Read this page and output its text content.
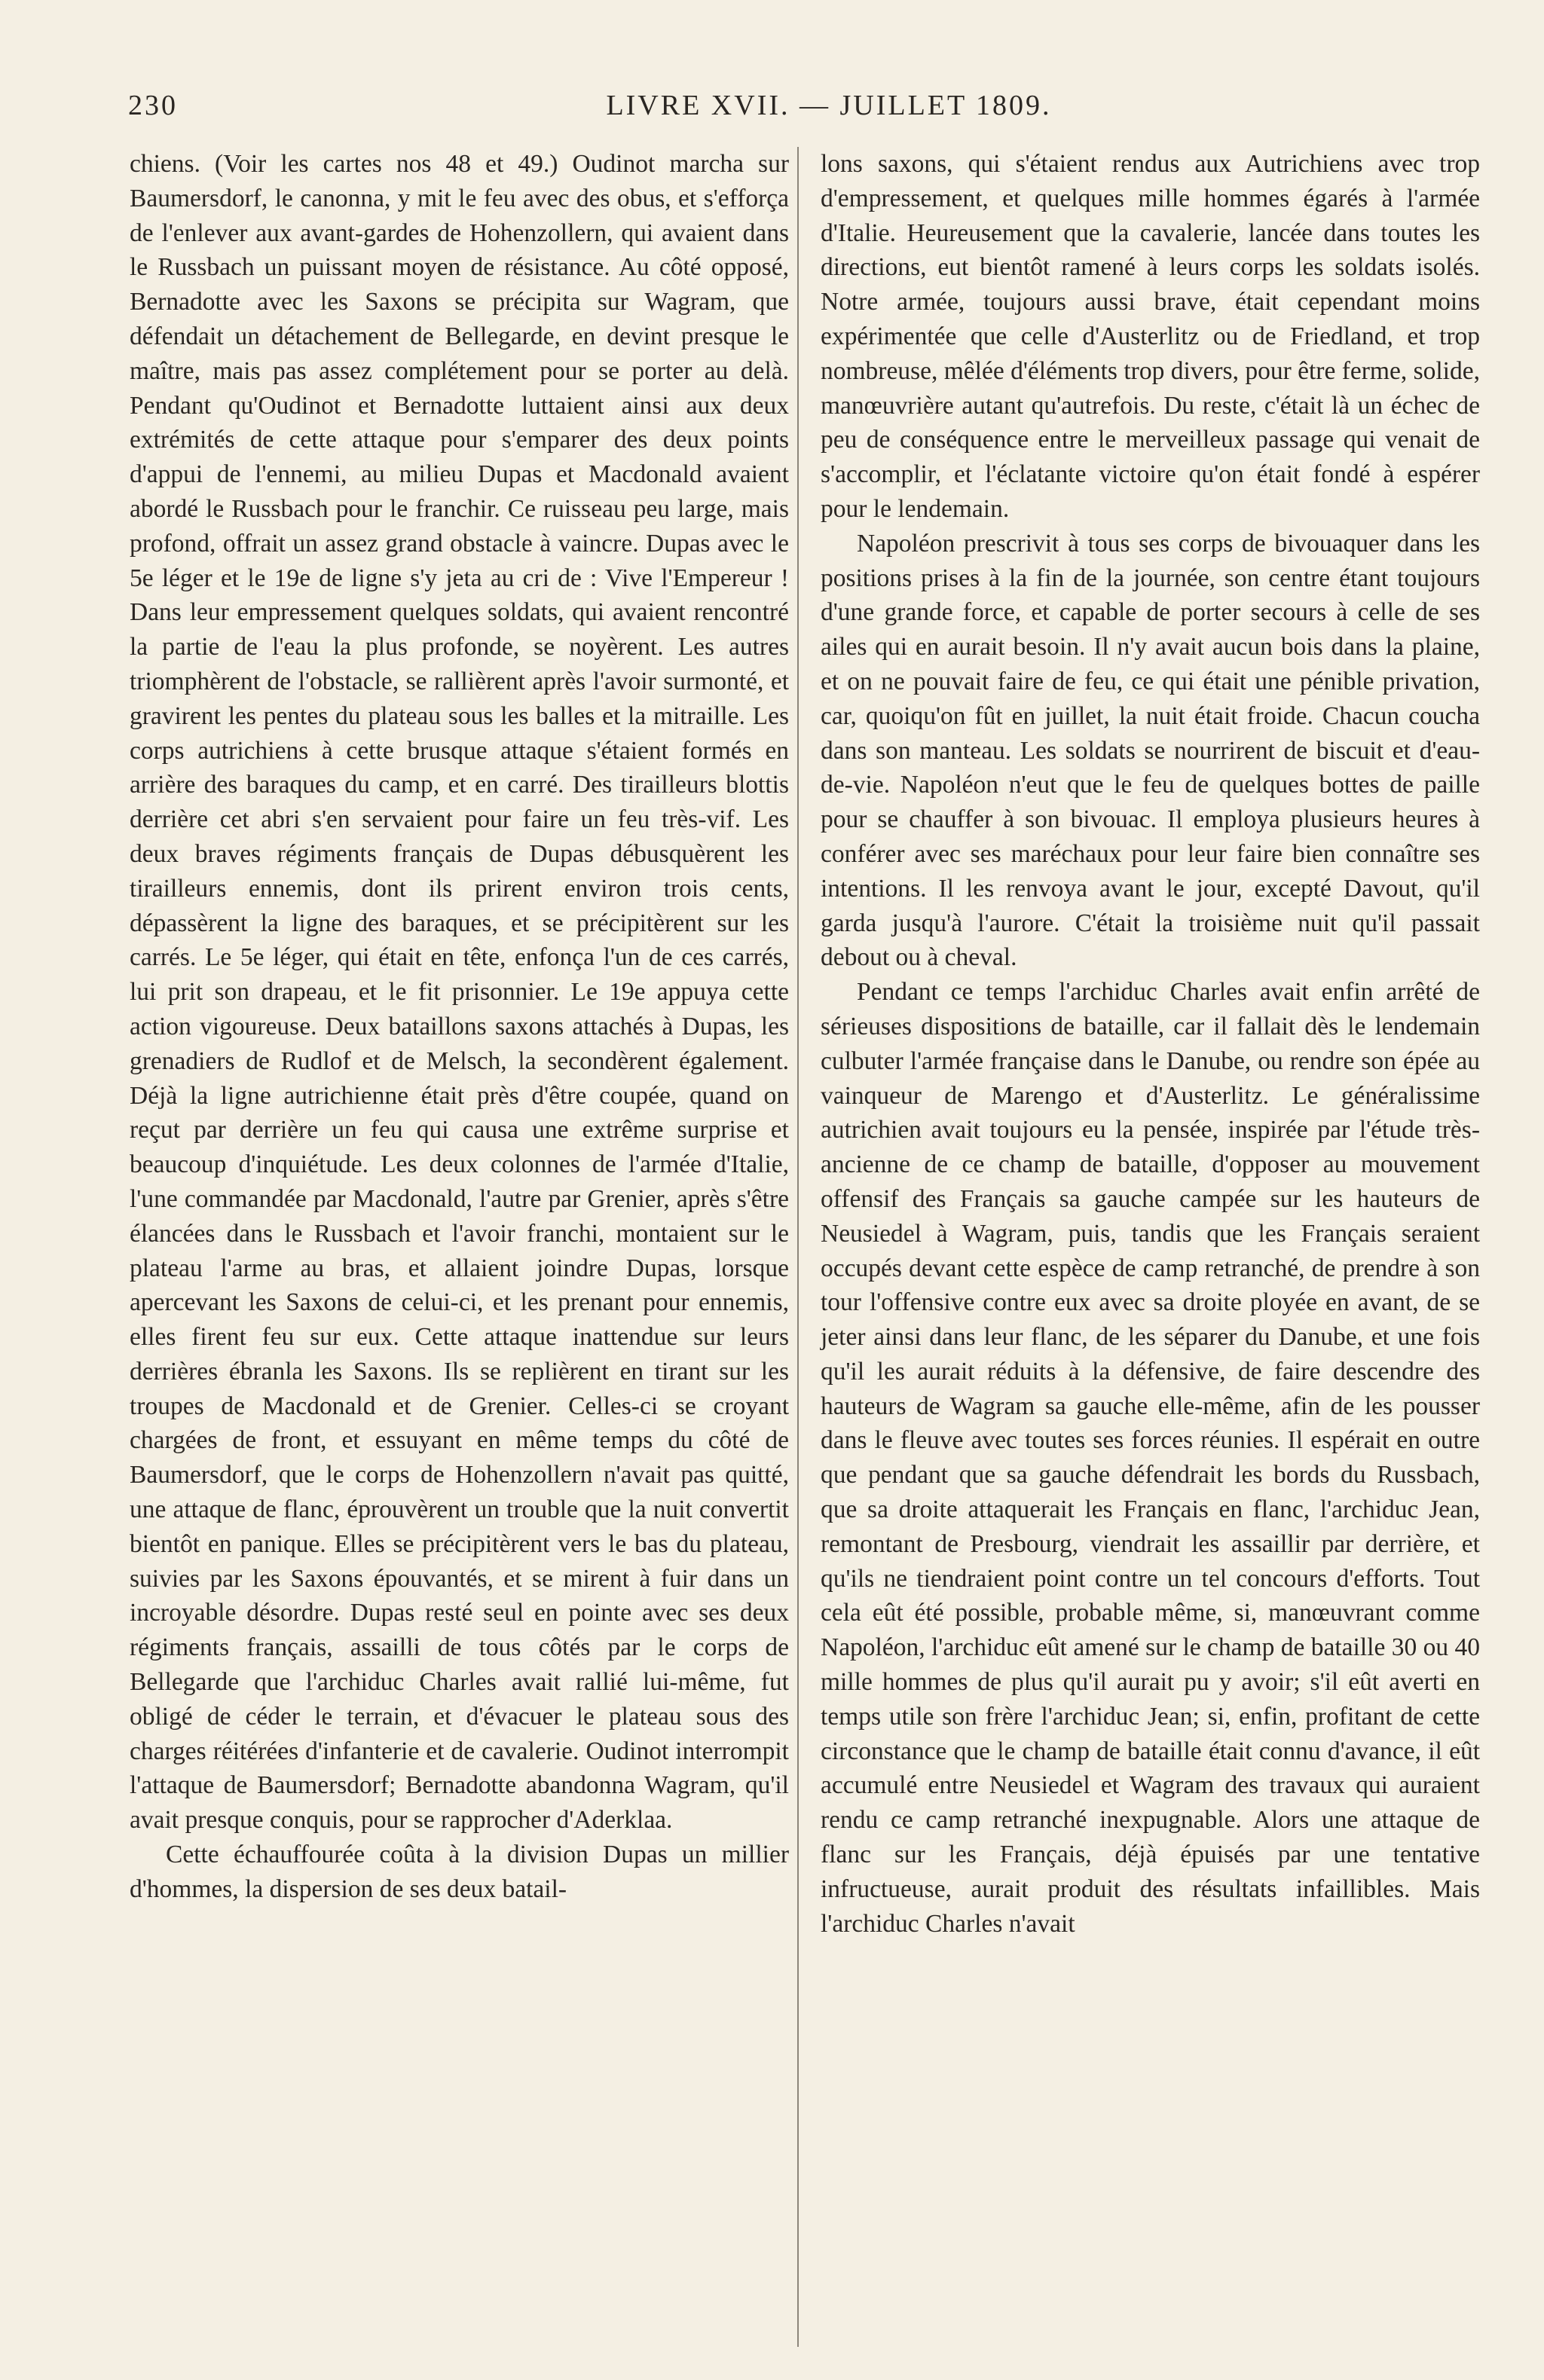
230	LIVRE XVII. — JUILLET 1809.

chiens. (Voir les cartes nos 48 et 49.) Oudinot marcha sur Baumersdorf, le canonna, y mit le feu avec des obus, et s'efforça de l'enlever aux avant-gardes de Hohenzollern, qui avaient dans le Russbach un puissant moyen de résistance. Au côté opposé, Bernadotte avec les Saxons se précipita sur Wagram, que défendait un détachement de Bellegarde, en devint presque le maître, mais pas assez complétement pour se porter au delà. Pendant qu'Oudinot et Bernadotte luttaient ainsi aux deux extrémités de cette attaque pour s'emparer des deux points d'appui de l'ennemi, au milieu Dupas et Macdonald avaient abordé le Russbach pour le franchir. Ce ruisseau peu large, mais profond, offrait un assez grand obstacle à vaincre. Dupas avec le 5e léger et le 19e de ligne s'y jeta au cri de : Vive l'Empereur ! Dans leur empressement quelques soldats, qui avaient rencontré la partie de l'eau la plus profonde, se noyèrent. Les autres triomphèrent de l'obstacle, se rallièrent après l'avoir surmonté, et gravirent les pentes du plateau sous les balles et la mitraille. Les corps autrichiens à cette brusque attaque s'étaient formés en arrière des baraques du camp, et en carré. Des tirailleurs blottis derrière cet abri s'en servaient pour faire un feu très-vif. Les deux braves régiments français de Dupas débusquèrent les tirailleurs ennemis, dont ils prirent environ trois cents, dépassèrent la ligne des baraques, et se précipitèrent sur les carrés. Le 5e léger, qui était en tête, enfonça l'un de ces carrés, lui prit son drapeau, et le fit prisonnier. Le 19e appuya cette action vigoureuse. Deux bataillons saxons attachés à Dupas, les grenadiers de Rudlof et de Melsch, la secondèrent également. Déjà la ligne autrichienne était près d'être coupée, quand on reçut par derrière un feu qui causa une extrême surprise et beaucoup d'inquiétude. Les deux colonnes de l'armée d'Italie, l'une commandée par Macdonald, l'autre par Grenier, après s'être élancées dans le Russbach et l'avoir franchi, montaient sur le plateau l'arme au bras, et allaient joindre Dupas, lorsque apercevant les Saxons de celui-ci, et les prenant pour ennemis, elles firent feu sur eux. Cette attaque inattendue sur leurs derrières ébranla les Saxons. Ils se replièrent en tirant sur les troupes de Macdonald et de Grenier. Celles-ci se croyant chargées de front, et essuyant en même temps du côté de Baumersdorf, que le corps de Hohenzollern n'avait pas quitté, une attaque de flanc, éprouvèrent un trouble que la nuit convertit bientôt en panique. Elles se précipitèrent vers le bas du plateau, suivies par les Saxons épouvantés, et se mirent à fuir dans un incroyable désordre. Dupas resté seul en pointe avec ses deux régiments français, assailli de tous côtés par le corps de Bellegarde que l'archiduc Charles avait rallié lui-même, fut obligé de céder le terrain, et d'évacuer le plateau sous des charges réitérées d'infanterie et de cavalerie. Oudinot interrompit l'attaque de Baumersdorf; Bernadotte abandonna Wagram, qu'il avait presque conquis, pour se rapprocher d'Aderklaa.

Cette échauffourée coûta à la division Dupas un millier d'hommes, la dispersion de ses deux batail-

lons saxons, qui s'étaient rendus aux Autrichiens avec trop d'empressement, et quelques mille hommes égarés à l'armée d'Italie. Heureusement que la cavalerie, lancée dans toutes les directions, eut bientôt ramené à leurs corps les soldats isolés. Notre armée, toujours aussi brave, était cependant moins expérimentée que celle d'Austerlitz ou de Friedland, et trop nombreuse, mêlée d'éléments trop divers, pour être ferme, solide, manœuvrière autant qu'autrefois. Du reste, c'était là un échec de peu de conséquence entre le merveilleux passage qui venait de s'accomplir, et l'éclatante victoire qu'on était fondé à espérer pour le lendemain.

Napoléon prescrivit à tous ses corps de bivouaquer dans les positions prises à la fin de la journée, son centre étant toujours d'une grande force, et capable de porter secours à celle de ses ailes qui en aurait besoin. Il n'y avait aucun bois dans la plaine, et on ne pouvait faire de feu, ce qui était une pénible privation, car, quoiqu'on fût en juillet, la nuit était froide. Chacun coucha dans son manteau. Les soldats se nourrirent de biscuit et d'eau-de-vie. Napoléon n'eut que le feu de quelques bottes de paille pour se chauffer à son bivouac. Il employa plusieurs heures à conférer avec ses maréchaux pour leur faire bien connaître ses intentions. Il les renvoya avant le jour, excepté Davout, qu'il garda jusqu'à l'aurore. C'était la troisième nuit qu'il passait debout ou à cheval.

Pendant ce temps l'archiduc Charles avait enfin arrêté de sérieuses dispositions de bataille, car il fallait dès le lendemain culbuter l'armée française dans le Danube, ou rendre son épée au vainqueur de Marengo et d'Austerlitz. Le généralissime autrichien avait toujours eu la pensée, inspirée par l'étude très-ancienne de ce champ de bataille, d'opposer au mouvement offensif des Français sa gauche campée sur les hauteurs de Neusiedel à Wagram, puis, tandis que les Français seraient occupés devant cette espèce de camp retranché, de prendre à son tour l'offensive contre eux avec sa droite ployée en avant, de se jeter ainsi dans leur flanc, de les séparer du Danube, et une fois qu'il les aurait réduits à la défensive, de faire descendre des hauteurs de Wagram sa gauche elle-même, afin de les pousser dans le fleuve avec toutes ses forces réunies. Il espérait en outre que pendant que sa gauche défendrait les bords du Russbach, que sa droite attaquerait les Français en flanc, l'archiduc Jean, remontant de Presbourg, viendrait les assaillir par derrière, et qu'ils ne tiendraient point contre un tel concours d'efforts. Tout cela eût été possible, probable même, si, manœuvrant comme Napoléon, l'archiduc eût amené sur le champ de bataille 30 ou 40 mille hommes de plus qu'il aurait pu y avoir; s'il eût averti en temps utile son frère l'archiduc Jean; si, enfin, profitant de cette circonstance que le champ de bataille était connu d'avance, il eût accumulé entre Neusiedel et Wagram des travaux qui auraient rendu ce camp retranché inexpugnable. Alors une attaque de flanc sur les Français, déjà épuisés par une tentative infructueuse, aurait produit des résultats infaillibles. Mais l'archiduc Charles n'avait
